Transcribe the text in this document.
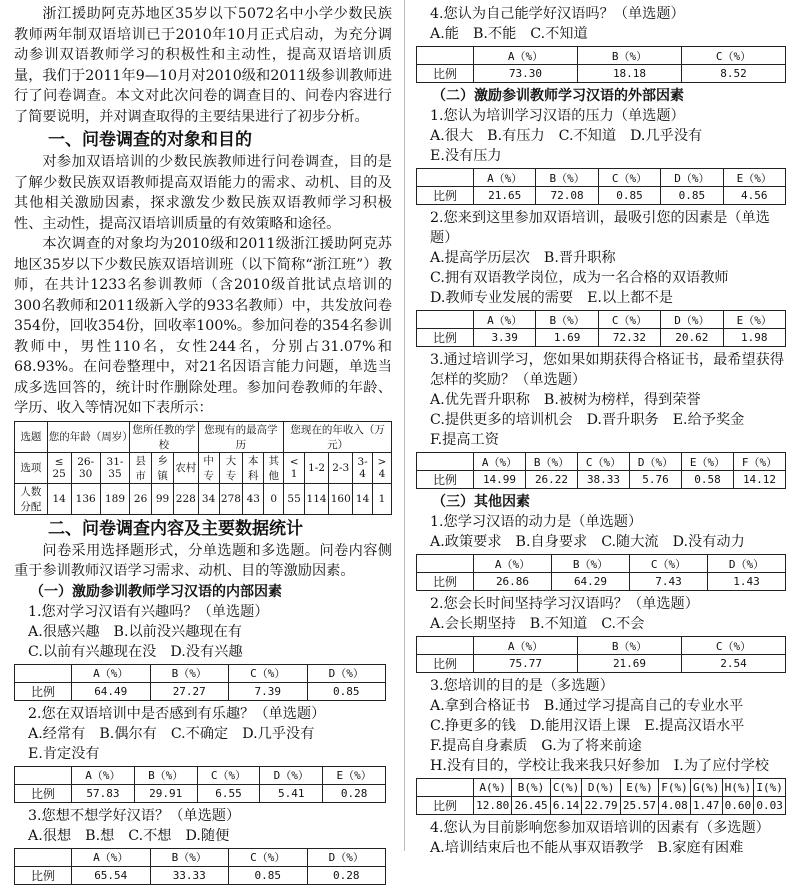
浙江援助阿克苏地区35岁以下5072名中小学少数民族教师两年制双语培训已于2010年10月正式启动，为充分调动参训双语教师学习的积极性和主动性，提高双语培训质量，我们于2011年9—10月对2010级和2011级参训教师进行了问卷调查。本文对此次问卷的调查目的、问卷内容进行了简要说明，并对调查取得的主要结果进行了初步分析。

一、问卷调查的对象和目的

对参加双语培训的少数民族教师进行问卷调查，目的是了解少数民族双语教师提高双语能力的需求、动机、目的及其他相关激励因素，探求激发少数民族双语教师学习积极性、主动性，提高汉语培训质量的有效策略和途径。

本次调查的对象均为2010级和2011级浙江援助阿克苏地区35岁以下少数民族双语培训班（以下简称“浙江班”）教师，在共计1233名参训教师（含2010级首批试点培训的300名教师和2011级新入学的933名教师）中，共发放问卷354份，回收354份，回收率100%。参加问卷的354名参训教师中，男性110名，女性244名，分别占31.07%和68.93%。在问卷整理中，对21名因语言能力问题，单选当成多选回答的，统计时作删除处理。参加问卷教师的年龄、学历、收入等情况如下表所示：

选题	您的年龄（周岁）			您所任教的学校			您现有的最高学历				您现在的年收入（万元）				

选项	≤ 25	26-30	31-35	县市	乡镇	农村	中专	大专	本科	其他	< 1	1-2	2-3	3-4	> 4
人数分配	14	136	189	26	99	228	34	278	43	0	55	114	160	14	1
二、问卷调查内容及主要数据统计

问卷采用选择题形式，分单选题和多选题。问卷内容侧重于参训教师汉语学习需求、动机、目的等激励因素。

（一）激励参训教师学习汉语的内部因素
1.您对学习汉语有兴趣吗？（单选题）
A.很感兴趣 B.以前没兴趣现在有
C.以前有兴趣现在没 D.没有兴趣
	A（%）	B（%）	C（%）	D（%）
比例	64.49	27.27	7.39	0.85
2.您在双语培训中是否感到有乐趣？（单选题）
A.经常有 B.偶尔有 C.不确定 D.几乎没有
E.肯定没有
	A（%）	B（%）	C（%）	D（%）	E（%）
比例	57.83	29.91	6.55	5.41	0.28
3.您想不想学好汉语？（单选题）
A.很想 B.想 C.不想 D.随便
	A（%）	B（%）	C（%）	D（%）
比例	65.54	33.33	0.85	0.28
4.您认为自己能学好汉语吗？（单选题）
A.能 B.不能 C.不知道
	A（%）	B（%）	C（%）
比例	73.30	18.18	8.52
（二）激励参训教师学习汉语的外部因素
1.您认为培训学习汉语的压力（单选题）
A.很大 B.有压力 C.不知道 D.几乎没有
E.没有压力
	A（%）	B（%）	C（%）	D（%）	E（%）
比例	21.65	72.08	0.85	0.85	4.56
2.您来到这里参加双语培训，最吸引您的因素是（单选题）
A.提高学历层次 B.晋升职称
C.拥有双语教学岗位，成为一名合格的双语教师
D.教师专业发展的需要 E.以上都不是
	A（%）	B（%）	C（%）	D（%）	E（%）
比例	3.39	1.69	72.32	20.62	1.98
3.通过培训学习，您如果如期获得合格证书，最希望获得怎样的奖励？（单选题）
A.优先晋升职称 B.被树为榜样，得到荣誉
C.提供更多的培训机会 D.晋升职务 E.给予奖金
F.提高工资
	A（%）	B（%）	C（%）	D（%）	E（%）	F（%）
比例	14.99	26.22	38.33	5.76	0.58	14.12
（三）其他因素
1.您学习汉语的动力是（单选题）
A.政策要求 B.自身要求 C.随大流 D.没有动力
	A（%）	B（%）	C（%）	D（%）
比例	26.86	64.29	7.43	1.43
2.您会长时间坚持学习汉语吗？（单选题）
A.会长期坚持 B.不知道 C.不会
	A（%）	B（%）	C（%）
比例	75.77	21.69	2.54
3.您培训的目的是（多选题）
A.拿到合格证书 B.通过学习提高自己的专业水平
C.挣更多的钱 D.能用汉语上课 E.提高汉语水平
F.提高自身素质 G.为了将来前途
H.没有目的，学校让我来我只好参加 I.为了应付学校
	A(%)	B(%)	C(%)	D(%)	E(%)	F(%)	G(%)	H(%)	I(%)
比例	12.80	26.45	6.14	22.79	25.57	4.08	1.47	0.60	0.03
4.您认为目前影响您参加双语培训的因素有（多选题）
A.培训结束后也不能从事双语教学 B.家庭有困难
